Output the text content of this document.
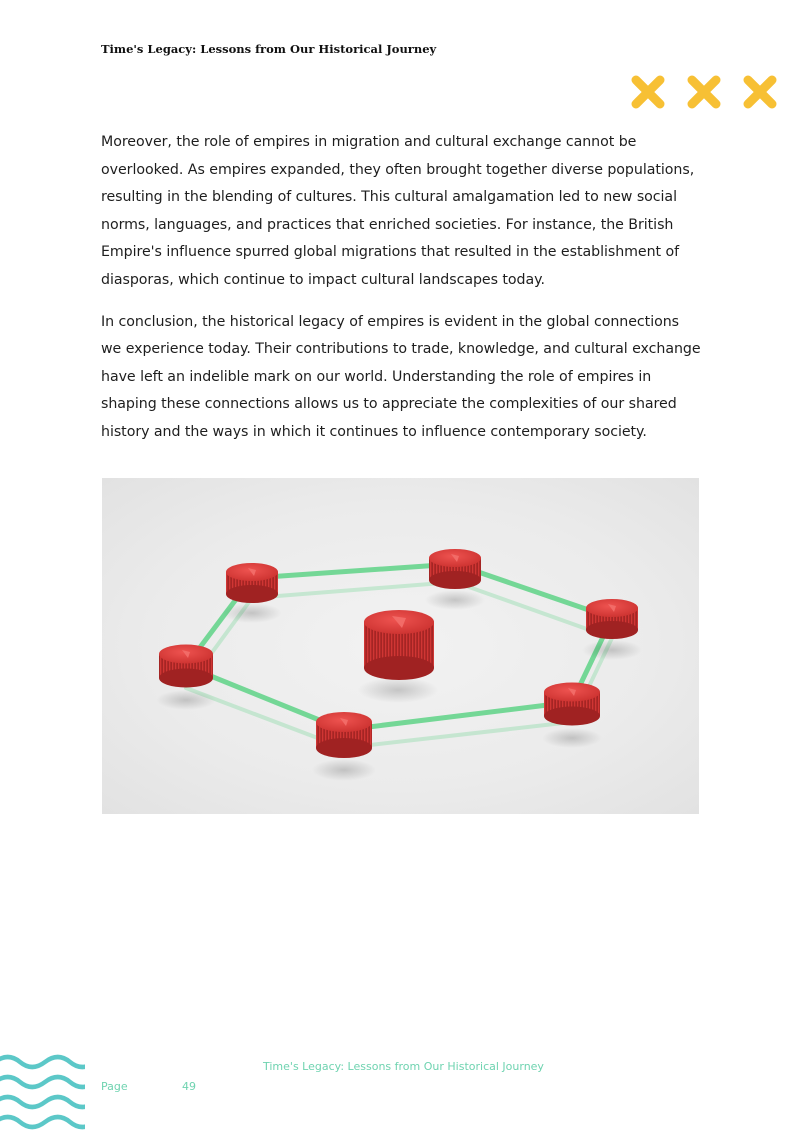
Time's Legacy: Lessons from Our Historical Journey

Moreover, the role of empires in migration and cultural exchange cannot be overlooked. As empires expanded, they often brought together diverse populations, resulting in the blending of cultures. This cultural amalgamation led to new social norms, languages, and practices that enriched societies. For instance, the British Empire's influence spurred global migrations that resulted in the establishment of diasporas, which continue to impact cultural landscapes today.

In conclusion, the historical legacy of empires is evident in the global connections we experience today. Their contributions to trade, knowledge, and cultural exchange have left an indelible mark on our world. Understanding the role of empires in shaping these connections allows us to appreciate the complexities of our shared history and the ways in which it continues to influence contemporary society.

Time's Legacy: Lessons from Our Historical Journey
Page	49
